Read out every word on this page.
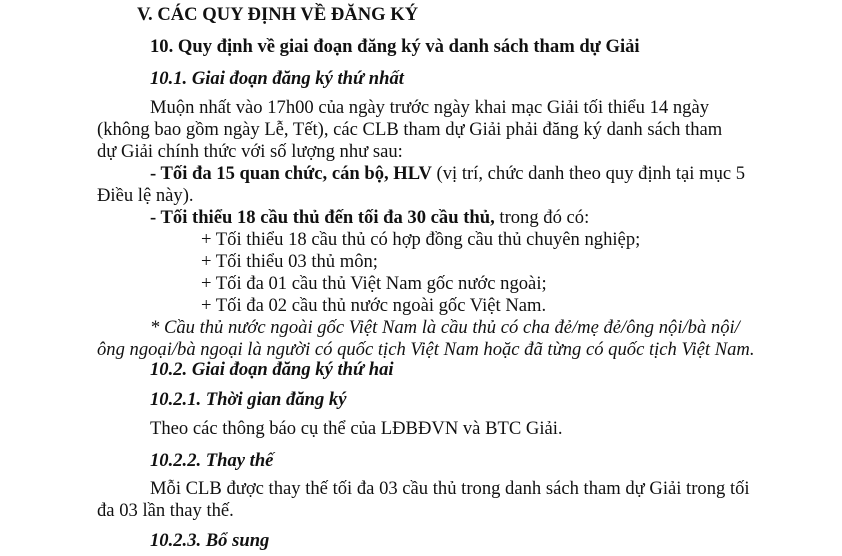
V. CÁC QUY ĐỊNH VỀ ĐĂNG KÝ
10. Quy định về giai đoạn đăng ký và danh sách tham dự Giải
10.1. Giai đoạn đăng ký thứ nhất
Muộn nhất vào 17h00 của ngày trước ngày khai mạc Giải tối thiểu 14 ngày
(không bao gồm ngày Lễ, Tết), các CLB tham dự Giải phải đăng ký danh sách tham
dự Giải chính thức với số lượng như sau:
- Tối đa 15 quan chức, cán bộ, HLV (vị trí, chức danh theo quy định tại mục 5
Điều lệ này).
- Tối thiểu 18 cầu thủ đến tối đa 30 cầu thủ, trong đó có:
+ Tối thiểu 18 cầu thủ có hợp đồng cầu thủ chuyên nghiệp;
+ Tối thiểu 03 thủ môn;
+ Tối đa 01 cầu thủ Việt Nam gốc nước ngoài;
+ Tối đa 02 cầu thủ nước ngoài gốc Việt Nam.
* Cầu thủ nước ngoài gốc Việt Nam là cầu thủ có cha đẻ/mẹ đẻ/ông nội/bà nội/
ông ngoại/bà ngoại là người có quốc tịch Việt Nam hoặc đã từng có quốc tịch Việt Nam.
10.2. Giai đoạn đăng ký thứ hai
10.2.1. Thời gian đăng ký
Theo các thông báo cụ thể của LĐBĐVN và BTC Giải.
10.2.2. Thay thế
Mỗi CLB được thay thế tối đa 03 cầu thủ trong danh sách tham dự Giải trong tối
đa 03 lần thay thế.
10.2.3. Bổ sung
